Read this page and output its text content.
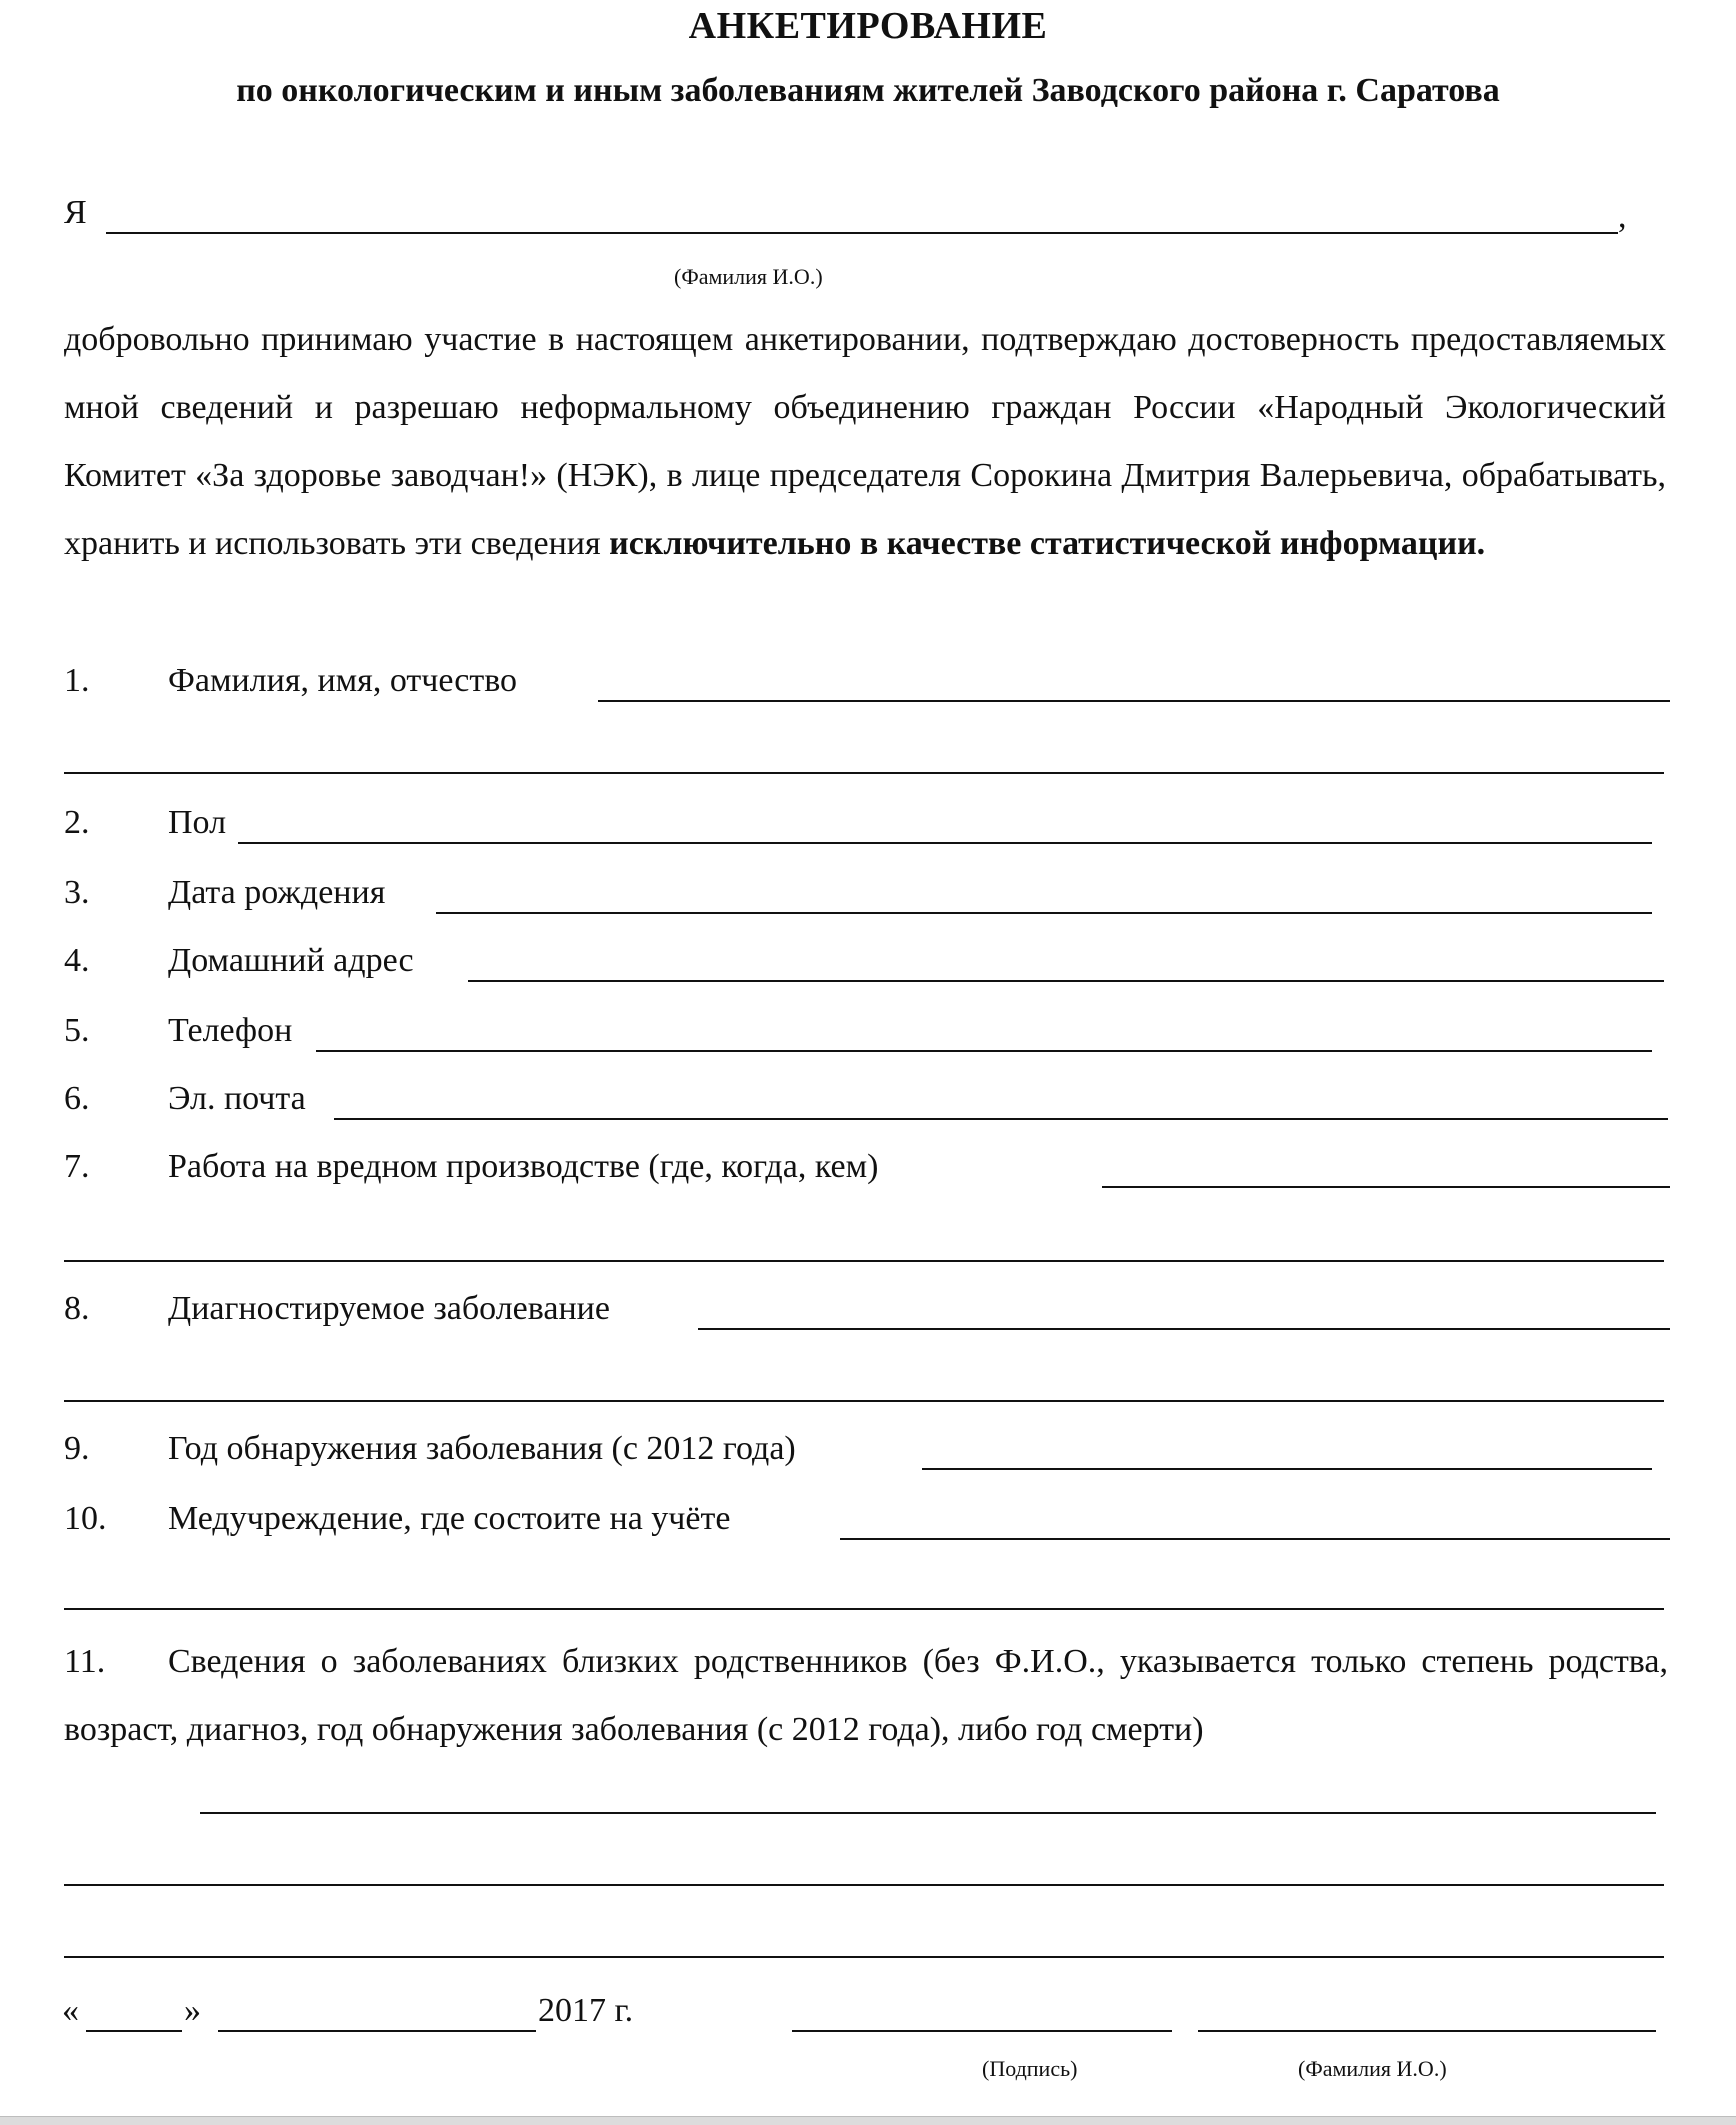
АНКЕТИРОВАНИЕ
по онкологическим и иным заболеваниям жителей Заводского района г. Саратова
Я	,
(Фамилия И.О.)
добровольно принимаю участие в настоящем анкетировании, подтверждаю достоверность предоставляемых мной сведений и разрешаю неформальному объединению граждан России «Народный Экологический Комитет «За здоровье заводчан!» (НЭК), в лице председателя Сорокина Дмитрия Валерьевича, обрабатывать, хранить и использовать эти сведения исключительно в качестве статистической информации.
1. Фамилия, имя, отчество
2. Пол
3. Дата рождения
4. Домашний адрес
5. Телефон
6. Эл. почта
7. Работа на вредном производстве (где, когда, кем)
8. Диагностируемое заболевание
9. Год обнаружения заболевания (с 2012 года)
10. Медучреждение, где состоите на учёте
11. Сведения о заболеваниях близких родственников (без Ф.И.О., указывается только степень родства, возраст, диагноз, год обнаружения заболевания (с 2012 года), либо год смерти)
«	»	2017 г.
(Подпись)	(Фамилия И.О.)
